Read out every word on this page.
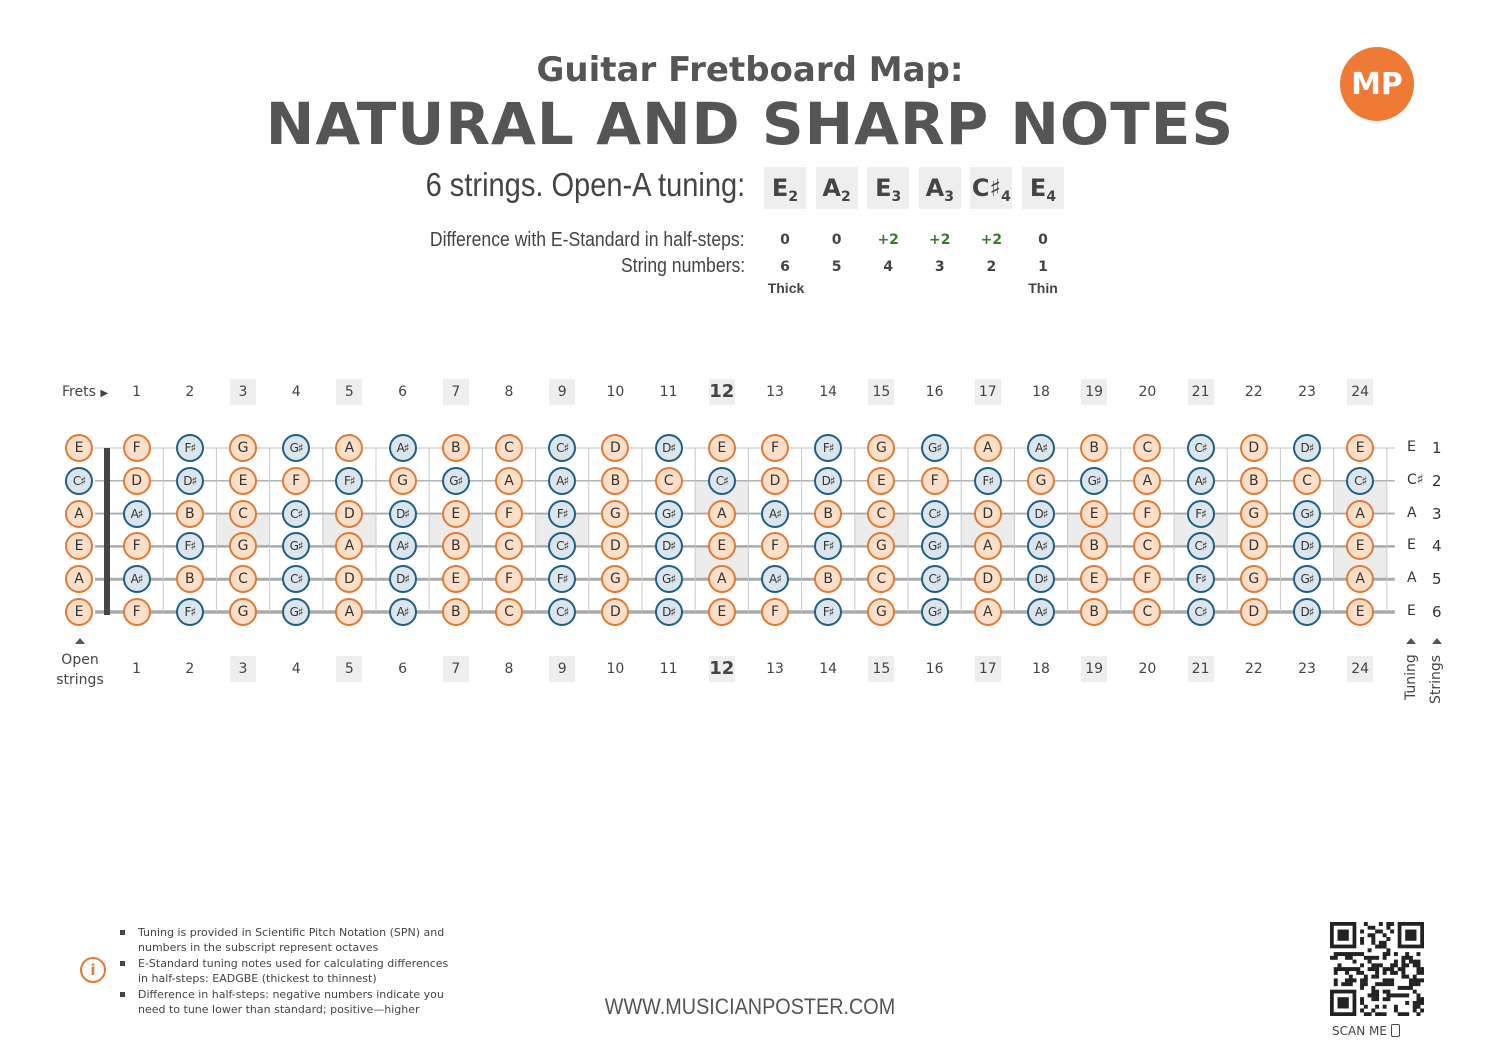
Guitar Fretboard Map:
NATURAL AND SHARP NOTES
MP
6 strings. Open-A tuning:	$E_2$	$A_2$	$E_3$	$A_3$ $C♯_4$ $E_4$
Difference with E-Standard in half-steps:
String numbers:
0	0	+2	+2	+2	0
6	5	4	3	2	1
Thick	Thin
Frets ▶	1	2	3	4	5	6	7	8	9	10	11 12 13	14	15	16	17	18	19	20	21	22	23	24
1	2	3	4	5	6	7	8	9	10	11 12 13	14	15	16	17	18	19	20	21	22	23	24
E	F	F♯	G	G♯	A	A♯	B	C	C♯	D	D♯	E	F	F♯	G	G♯	A	A♯	B	C	C♯	D	D♯	E	E 1
C♯	D	D♯	E	F	F♯	G	G♯	A	A♯	B	C	C♯	D	D♯	E	F	F♯	G	G♯	A	A♯	B	C	C♯	C♯ 2
A	A♯	B	C	C♯	D	D♯	E	F	F♯	G	G♯	A	A♯	B	C	C♯	D	D♯	E	F	F♯	G	G♯	A	A 3
E	F	F♯	G	G♯	A	A♯	B	C	C♯	D	D♯	E	F	F♯	G	G♯	A	A♯	B	C	C♯	D	D♯	E	E 4
A	A♯	B	C	C♯	D	D♯	E	F	F♯	G	G♯	A	A♯	B	C	C♯	D	D♯	E	F	F♯	G	G♯	A	A 5
E	F	F♯	G	G♯	A	A♯	B	C	C♯	D	D♯	E	F	F♯	G	G♯	A	A♯	B	C	C♯	D	D♯	E	E 6
Open
strings	Tuning Strings
i
Tuning is provided in Scientific Pitch Notation (SPN) and numbers in the subscript represent octaves
E-Standard tuning notes used for calculating differences in half-steps: EADGBE (thickest to thinnest)
Difference in half-steps: negative numbers indicate you need to tune lower than standard; positive—higher	WWW.MUSICIANPOSTER.COM
SCAN ME
